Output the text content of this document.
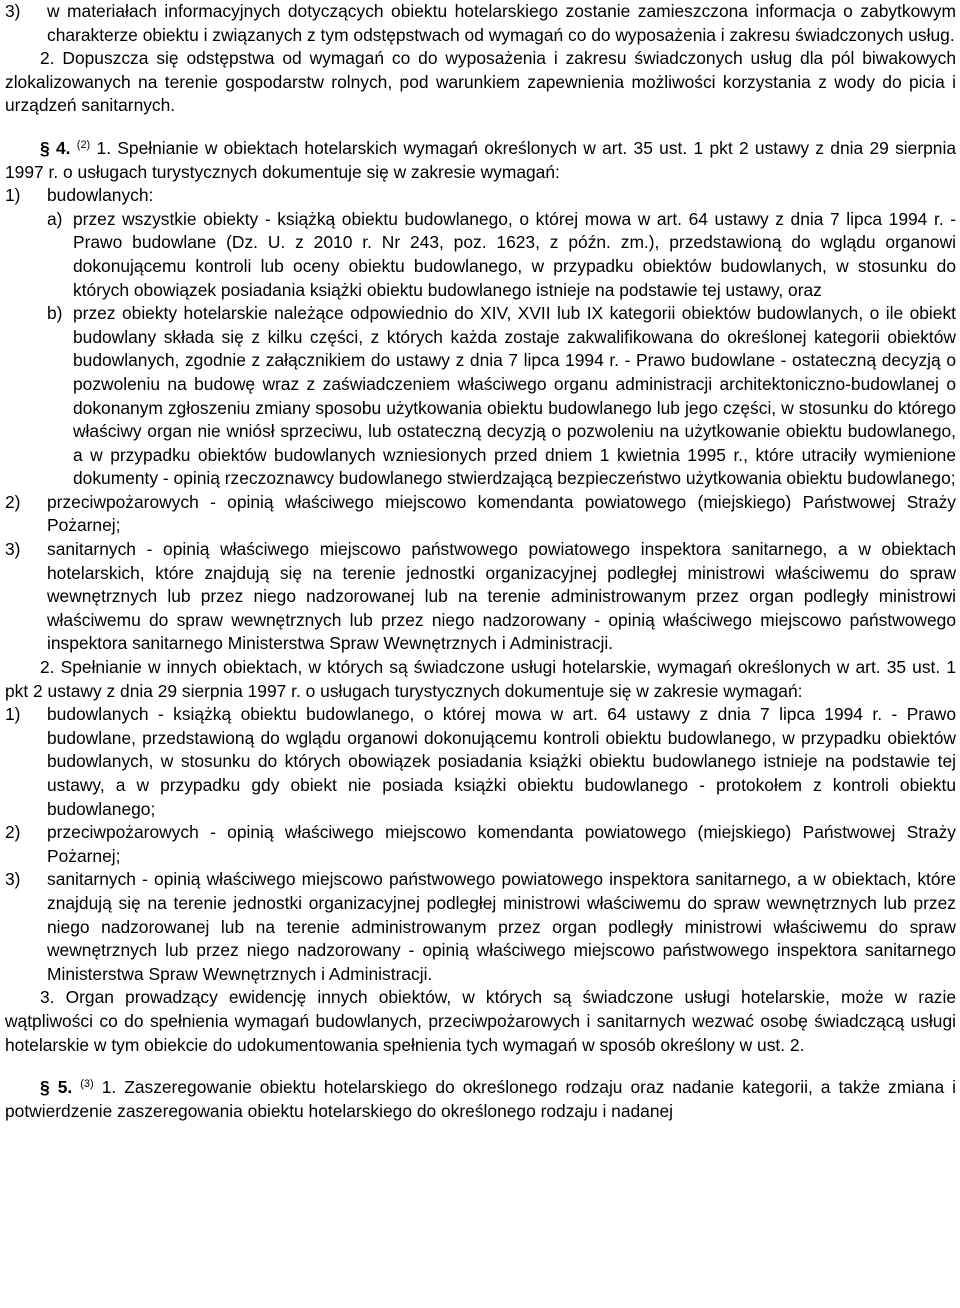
3)	w materiałach informacyjnych dotyczących obiektu hotelarskiego zostanie zamieszczona informacja o zabytkowym charakterze obiektu i związanych z tym odstępstwach od wymagań co do wyposażenia i zakresu świadczonych usług.

2. Dopuszcza się odstępstwa od wymagań co do wyposażenia i zakresu świadczonych usług dla pól biwakowych zlokalizowanych na terenie gospodarstw rolnych, pod warunkiem zapewnienia możliwości korzystania z wody do picia i urządzeń sanitarnych.

§ 4. $^{(2)}$ 1. Spełnianie w obiektach hotelarskich wymagań określonych w art. 35 ust. 1 pkt 2 ustawy z dnia 29 sierpnia 1997 r. o usługach turystycznych dokumentuje się w zakresie wymagań:

1)	budowlanych:
a) przez wszystkie obiekty - książką obiektu budowlanego, o której mowa w art. 64 ustawy z dnia 7 lipca 1994 r. - Prawo budowlane (Dz. U. z 2010 r. Nr 243, poz. 1623, z późn. zm.), przedstawioną do wglądu organowi dokonującemu kontroli lub oceny obiektu budowlanego, w przypadku obiektów budowlanych, w stosunku do których obowiązek posiadania książki obiektu budowlanego istnieje na podstawie tej ustawy, oraz
b) przez obiekty hotelarskie należące odpowiednio do XIV, XVII lub IX kategorii obiektów budowlanych, o ile obiekt budowlany składa się z kilku części, z których każda zostaje zakwalifikowana do określonej kategorii obiektów budowlanych, zgodnie z załącznikiem do ustawy z dnia 7 lipca 1994 r. - Prawo budowlane - ostateczną decyzją o pozwoleniu na budowę wraz z zaświadczeniem właściwego organu administracji architektoniczno-budowlanej o dokonanym zgłoszeniu zmiany sposobu użytkowania obiektu budowlanego lub jego części, w stosunku do którego właściwy organ nie wniósł sprzeciwu, lub ostateczną decyzją o pozwoleniu na użytkowanie obiektu budowlanego, a w przypadku obiektów budowlanych wzniesionych przed dniem 1 kwietnia 1995 r., które utraciły wymienione dokumenty - opinią rzeczoznawcy budowlanego stwierdzającą bezpieczeństwo użytkowania obiektu budowlanego;
2)	przeciwpożarowych - opinią właściwego miejscowo komendanta powiatowego (miejskiego) Państwowej Straży Pożarnej;
3)	sanitarnych - opinią właściwego miejscowo państwowego powiatowego inspektora sanitarnego, a w obiektach hotelarskich, które znajdują się na terenie jednostki organizacyjnej podległej ministrowi właściwemu do spraw wewnętrznych lub przez niego nadzorowanej lub na terenie administrowanym przez organ podległy ministrowi właściwemu do spraw wewnętrznych lub przez niego nadzorowany - opinią właściwego miejscowo państwowego inspektora sanitarnego Ministerstwa Spraw Wewnętrznych i Administracji.

2. Spełnianie w innych obiektach, w których są świadczone usługi hotelarskie, wymagań określonych w art. 35 ust. 1 pkt 2 ustawy z dnia 29 sierpnia 1997 r. o usługach turystycznych dokumentuje się w zakresie wymagań:

1)	budowlanych - książką obiektu budowlanego, o której mowa w art. 64 ustawy z dnia 7 lipca 1994 r. - Prawo budowlane, przedstawioną do wglądu organowi dokonującemu kontroli obiektu budowlanego, w przypadku obiektów budowlanych, w stosunku do których obowiązek posiadania książki obiektu budowlanego istnieje na podstawie tej ustawy, a w przypadku gdy obiekt nie posiada książki obiektu budowlanego - protokołem z kontroli obiektu budowlanego;
2)	przeciwpożarowych - opinią właściwego miejscowo komendanta powiatowego (miejskiego) Państwowej Straży Pożarnej;
3)	sanitarnych - opinią właściwego miejscowo państwowego powiatowego inspektora sanitarnego, a w obiektach, które znajdują się na terenie jednostki organizacyjnej podległej ministrowi właściwemu do spraw wewnętrznych lub przez niego nadzorowanej lub na terenie administrowanym przez organ podległy ministrowi właściwemu do spraw wewnętrznych lub przez niego nadzorowany - opinią właściwego miejscowo państwowego inspektora sanitarnego Ministerstwa Spraw Wewnętrznych i Administracji.

3. Organ prowadzący ewidencję innych obiektów, w których są świadczone usługi hotelarskie, może w razie wątpliwości co do spełnienia wymagań budowlanych, przeciwpożarowych i sanitarnych wezwać osobę świadczącą usługi hotelarskie w tym obiekcie do udokumentowania spełnienia tych wymagań w sposób określony w ust. 2.

§ 5. $^{(3)}$ 1. Zaszeregowanie obiektu hotelarskiego do określonego rodzaju oraz nadanie kategorii, a także zmiana i potwierdzenie zaszeregowania obiektu hotelarskiego do określonego rodzaju i nadanej
